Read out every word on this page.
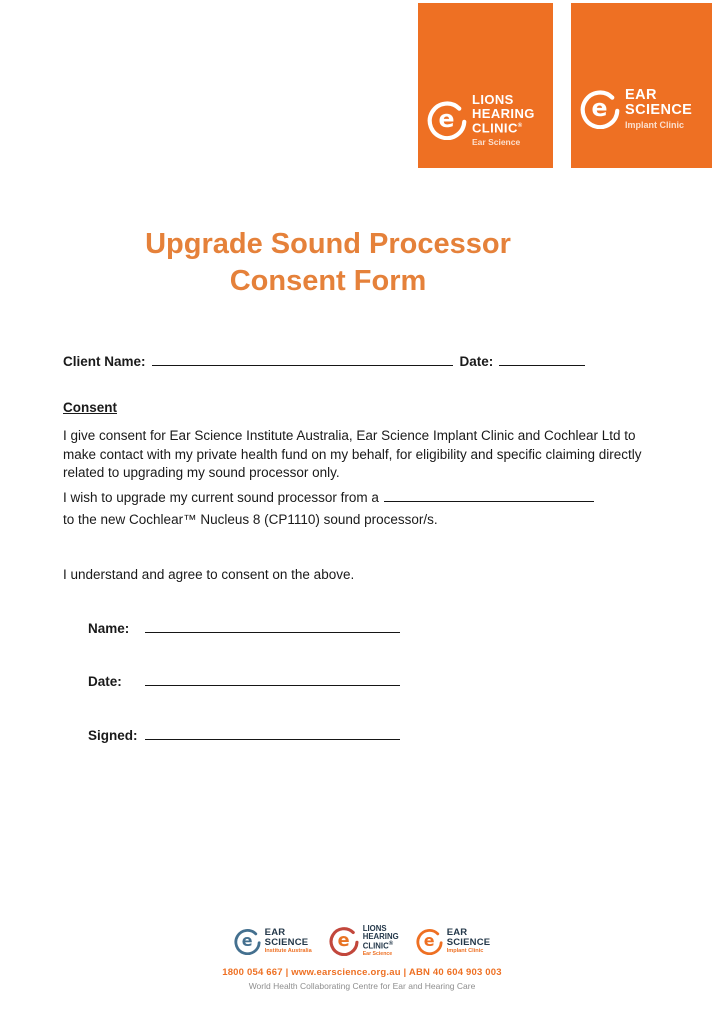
e
LIONS
HEARING
CLINIC®
Ear Science
e EAR
SCIENCE
Implant Clinic
Upgrade Sound Processor
Consent Form
Client Name:	Date:
Consent
I give consent for Ear Science Institute Australia, Ear Science Implant Clinic and Cochlear Ltd to make contact with my private health fund on my behalf, for eligibility and specific claiming directly related to upgrading my sound processor only.
I wish to upgrade my current sound processor from a
to the new Cochlear™ Nucleus 8 (CP1110) sound processor/s.
I understand and agree to consent on the above.
Name:
Date:
Signed:
e EAR
SCIENCE
Institute Australia e
LIONS
HEARING
CLINIC®
Ear Science
e EAR
SCIENCE
Implant Clinic
1800 054 667 | www.earscience.org.au | ABN 40 604 903 003
World Health Collaborating Centre for Ear and Hearing Care
